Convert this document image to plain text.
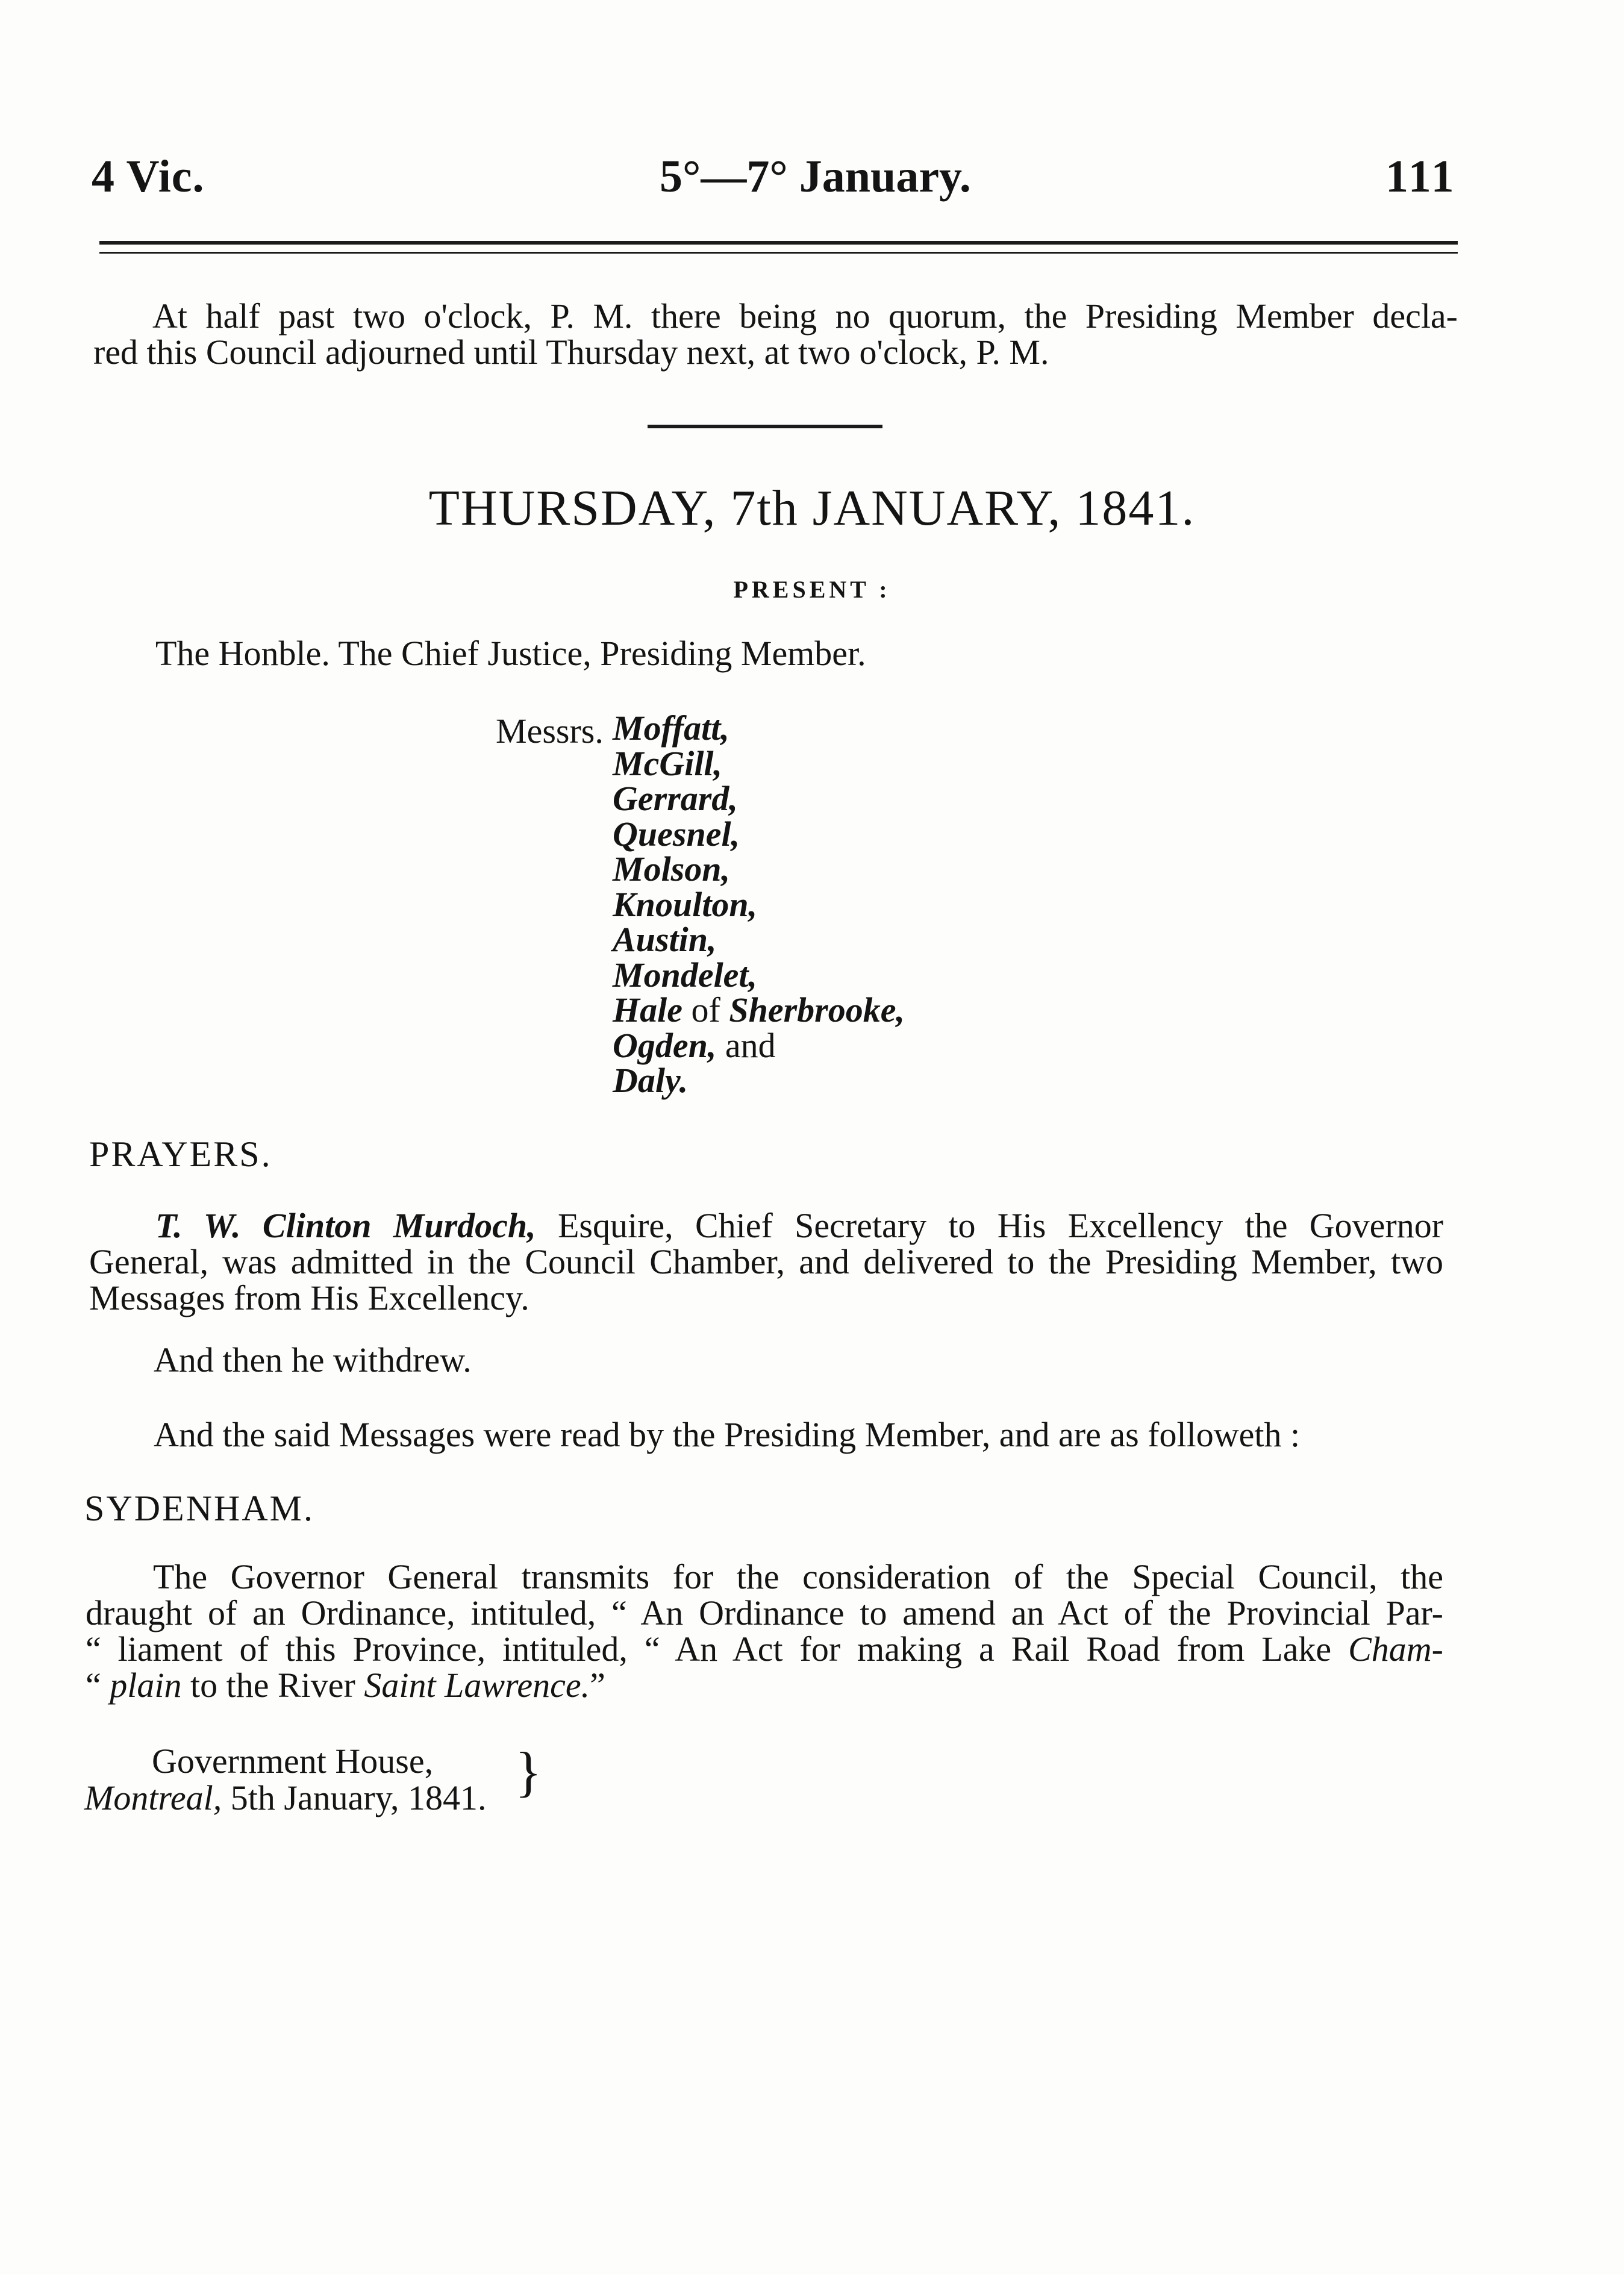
4 Vic.	5°—7° January.	111
At half past two o'clock, P. M. there being no quorum, the Presiding Member decla-
red this Council adjourned until Thursday next, at two o'clock, P. M.
THURSDAY, 7th JANUARY, 1841.
PRESENT :
The Honble. The Chief Justice, Presiding Member.
Messrs. Moffatt,
McGill,
Gerrard,
Quesnel,
Molson,
Knoulton,
Austin,
Mondelet,
Hale of Sherbrooke,
Ogden, and
Daly.
PRAYERS.
T. W. Clinton Murdoch, Esquire, Chief Secretary to His Excellency the Governor
General, was admitted in the Council Chamber, and delivered to the Presiding Member, two
Messages from His Excellency.
And then he withdrew.
And the said Messages were read by the Presiding Member, and are as followeth :
SYDENHAM.
The Governor General transmits for the consideration of the Special Council, the
draught of an Ordinance, intituled, “ An Ordinance to amend an Act of the Provincial Par-
“ liament of this Province, intituled, “ An Act for making a Rail Road from Lake Cham-
“ plain to the River Saint Lawrence.”
Government House,
Montreal, 5th January, 1841. }
